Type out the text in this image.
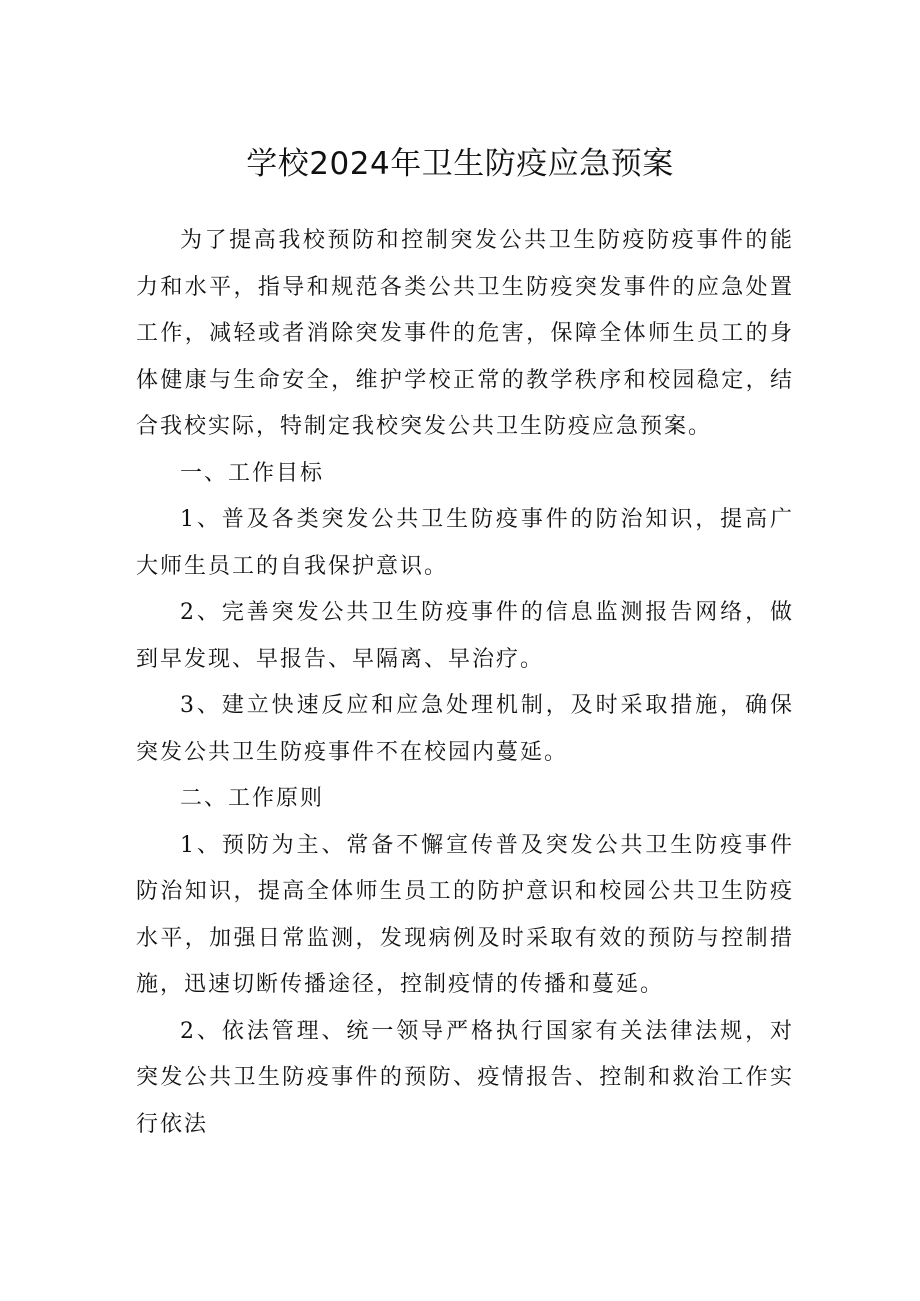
学校2024年卫生防疫应急预案

为了提高我校预防和控制突发公共卫生防疫防疫事件的能力和水平，指导和规范各类公共卫生防疫突发事件的应急处置工作，减轻或者消除突发事件的危害，保障全体师生员工的身体健康与生命安全，维护学校正常的教学秩序和校园稳定，结合我校实际，特制定我校突发公共卫生防疫应急预案。

一、工作目标

1、普及各类突发公共卫生防疫事件的防治知识，提高广大师生员工的自我保护意识。

2、完善突发公共卫生防疫事件的信息监测报告网络，做到早发现、早报告、早隔离、早治疗。

3、建立快速反应和应急处理机制，及时采取措施，确保突发公共卫生防疫事件不在校园内蔓延。

二、工作原则

1、预防为主、常备不懈宣传普及突发公共卫生防疫事件防治知识，提高全体师生员工的防护意识和校园公共卫生防疫水平，加强日常监测，发现病例及时采取有效的预防与控制措施，迅速切断传播途径，控制疫情的传播和蔓延。

2、依法管理、统一领导严格执行国家有关法律法规，对突发公共卫生防疫事件的预防、疫情报告、控制和救治工作实行依法
